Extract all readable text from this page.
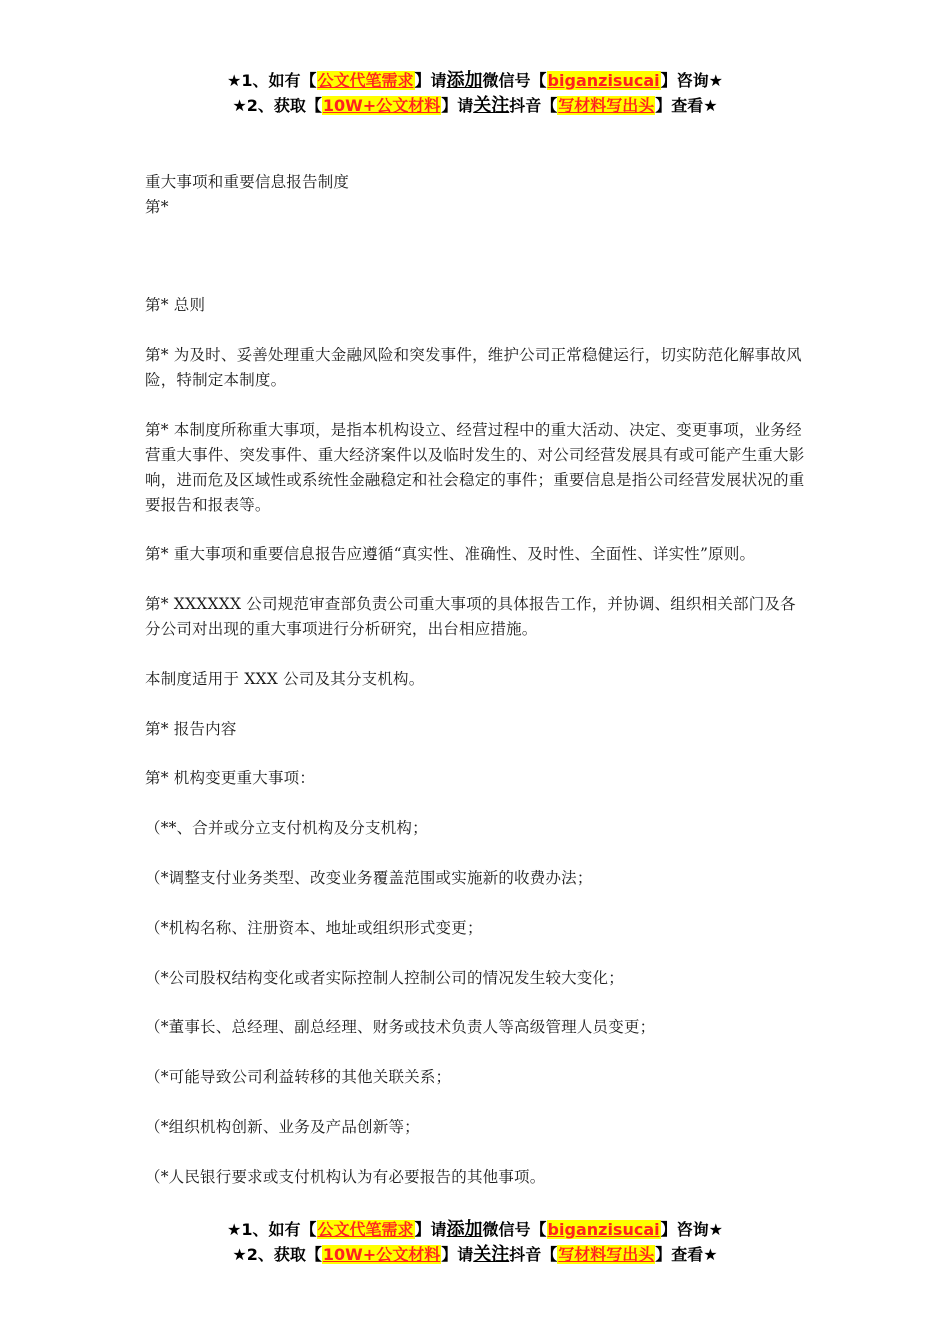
★1、如有【公文代笔需求】请添加微信号【biganzisucai】咨询★
★2、获取【10W+公文材料】请关注抖音【写材料写出头】查看★

重大事项和重要信息报告制度

第*

第* 总则

第* 为及时、妥善处理重大金融风险和突发事件，维护公司正常稳健运行，切实防范化解事故风险，特制定本制度。

第* 本制度所称重大事项，是指本机构设立、经营过程中的重大活动、决定、变更事项，业务经营重大事件、突发事件、重大经济案件以及临时发生的、对公司经营发展具有或可能产生重大影响，进而危及区域性或系统性金融稳定和社会稳定的事件；重要信息是指公司经营发展状况的重要报告和报表等。

第* 重大事项和重要信息报告应遵循“真实性、准确性、及时性、全面性、详实性”原则。

第* XXXXXX 公司规范审查部负责公司重大事项的具体报告工作，并协调、组织相关部门及各分公司对出现的重大事项进行分析研究，出台相应措施。

本制度适用于 XXX 公司及其分支机构。

第* 报告内容

第* 机构变更重大事项：

（**、合并或分立支付机构及分支机构；

（*调整支付业务类型、改变业务覆盖范围或实施新的收费办法；

（*机构名称、注册资本、地址或组织形式变更；

（*公司股权结构变化或者实际控制人控制公司的情况发生较大变化；

（*董事长、总经理、副总经理、财务或技术负责人等高级管理人员变更；

（*可能导致公司利益转移的其他关联关系；

（*组织机构创新、业务及产品创新等；

（*人民银行要求或支付机构认为有必要报告的其他事项。

★1、如有【公文代笔需求】请添加微信号【biganzisucai】咨询★
★2、获取【10W+公文材料】请关注抖音【写材料写出头】查看★
